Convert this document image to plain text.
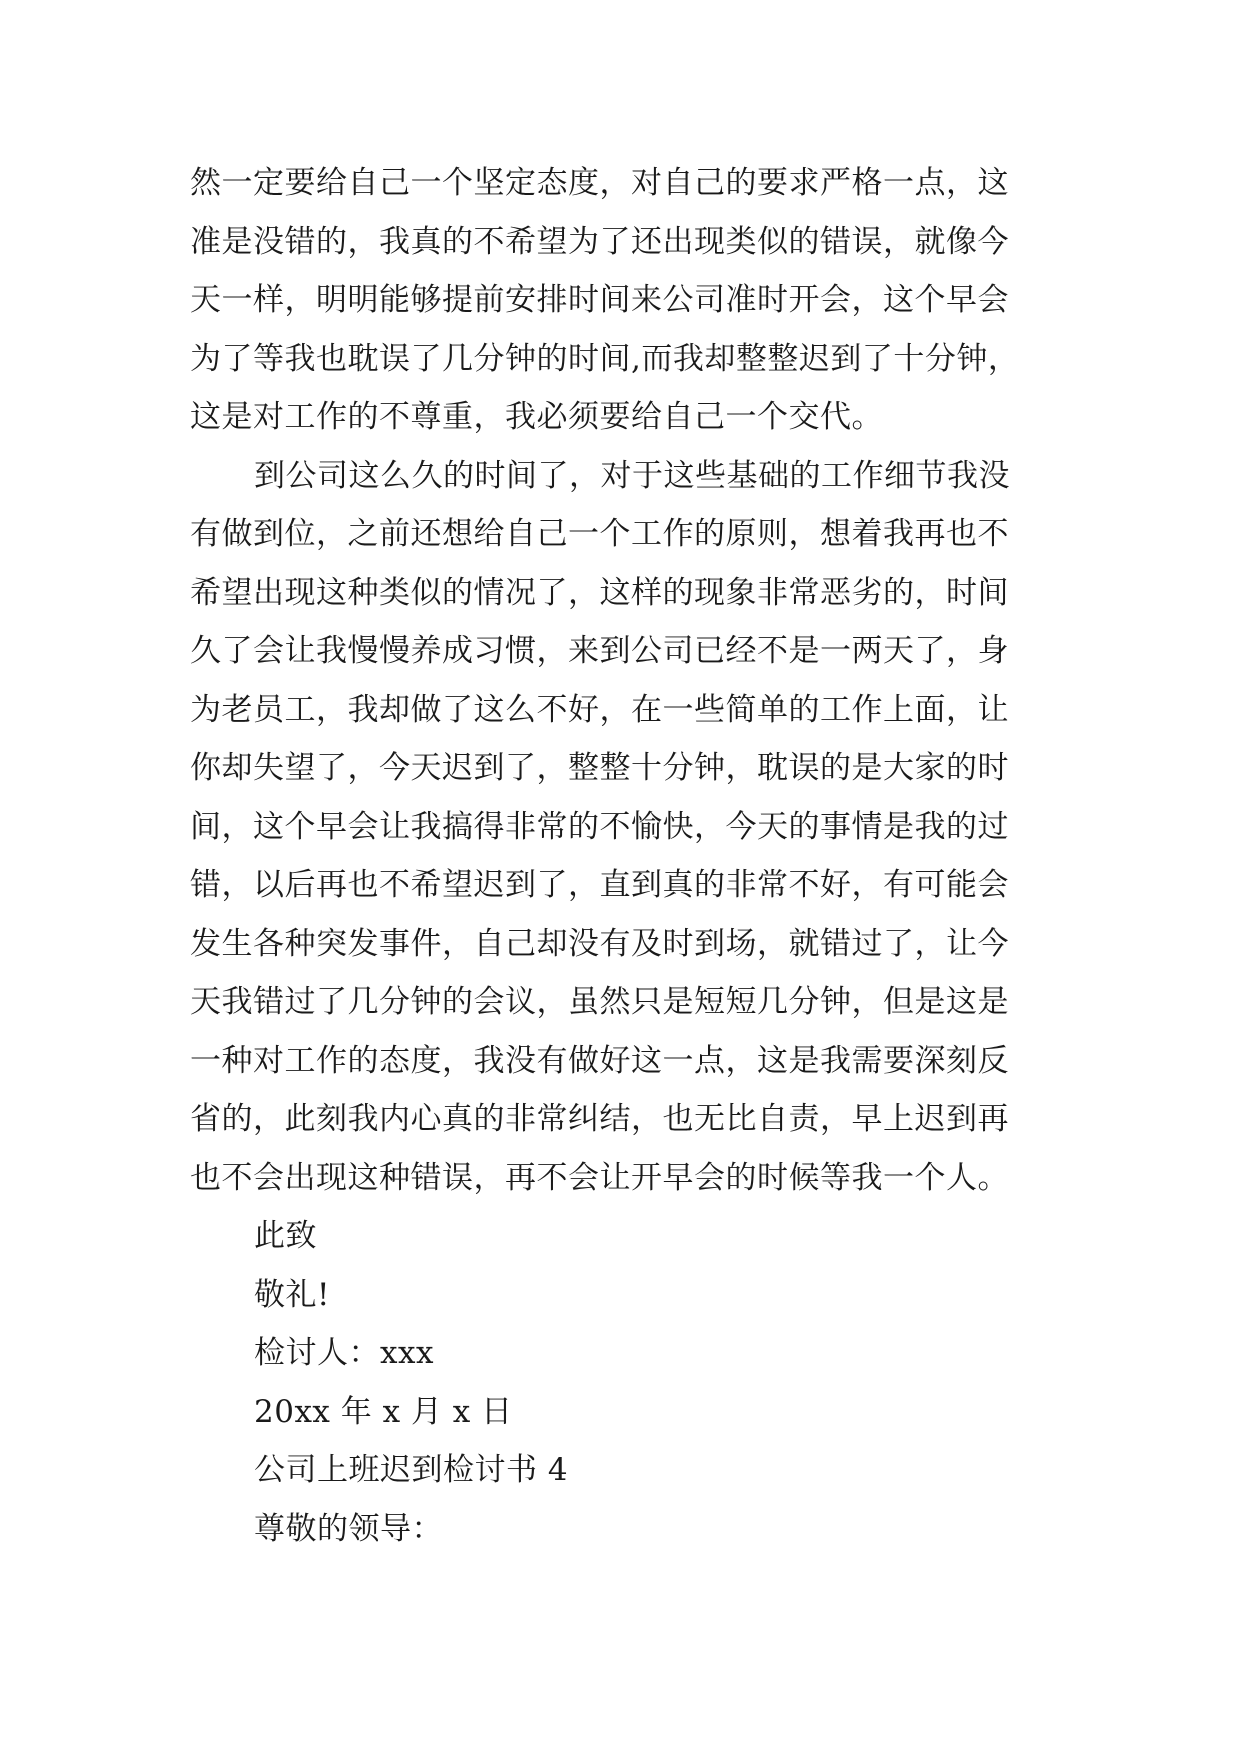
然一定要给自己一个坚定态度，对自己的要求严格一点，这
准是没错的，我真的不希望为了还出现类似的错误，就像今
天一样，明明能够提前安排时间来公司准时开会，这个早会
为了等我也耽误了几分钟的时间,而我却整整迟到了十分钟，
这是对工作的不尊重，我必须要给自己一个交代。
到公司这么久的时间了，对于这些基础的工作细节我没
有做到位，之前还想给自己一个工作的原则，想着我再也不
希望出现这种类似的情况了，这样的现象非常恶劣的，时间
久了会让我慢慢养成习惯，来到公司已经不是一两天了，身
为老员工，我却做了这么不好，在一些简单的工作上面，让
你却失望了，今天迟到了，整整十分钟，耽误的是大家的时
间，这个早会让我搞得非常的不愉快，今天的事情是我的过
错，以后再也不希望迟到了，直到真的非常不好，有可能会
发生各种突发事件，自己却没有及时到场，就错过了，让今
天我错过了几分钟的会议，虽然只是短短几分钟，但是这是
一种对工作的态度，我没有做好这一点，这是我需要深刻反
省的，此刻我内心真的非常纠结，也无比自责，早上迟到再
也不会出现这种错误，再不会让开早会的时候等我一个人。
此致
敬礼!
检讨人：xxx
20xx 年 x 月 x 日
公司上班迟到检讨书 4
尊敬的领导：
